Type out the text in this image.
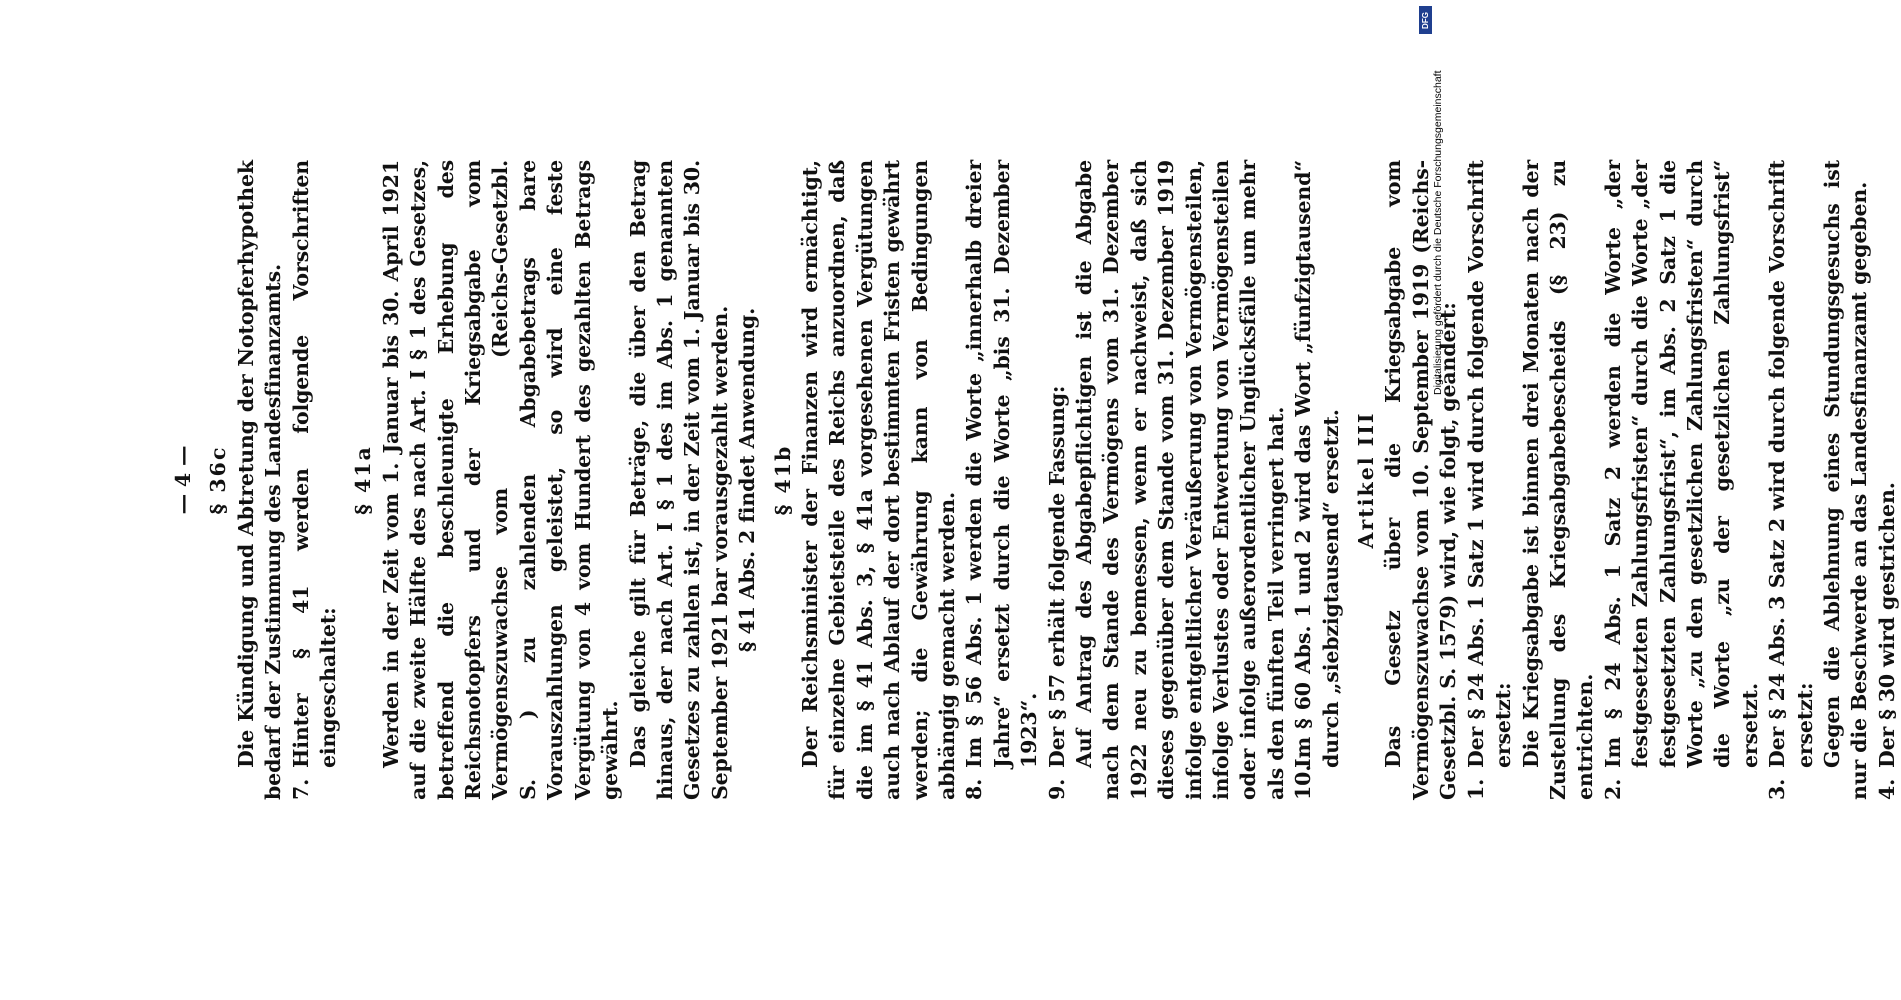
— 4 — § 36c Die Kündigung und Abtretung der Notopferhypothek bedarf der Zustimmung des Landesfinanzamts. 7.Hinter § 41 werden folgende Vorschriften eingeschaltet:

§ 41a Werden in der Zeit vom 1. Januar bis 30. April 1921 auf die zweite Hälfte des nach Art. I § 1 des Gesetzes, betreffend die beschleunigte Erhebung des Reichsnotopfers und der Kriegsabgabe vom Vermögenszuwachse vom(Reichs-Gesetzbl. S.) zu zahlenden Abgabebetrags bare Vorauszahlungen geleistet, so wird eine feste Vergütung von 4 vom Hundert des gezahlten Betrags gewährt. Das gleiche gilt für Beträge, die über den Betrag hinaus, der nach Art. I § 1 des im Abs. 1 genannten Gesetzes zu zahlen ist, in der Zeit vom 1. Januar bis 30. September 1921 bar vorausgezahlt werden. § 41 Abs. 2 findet Anwendung. § 41b Der Reichsminister der Finanzen wird ermächtigt, für einzelne Gebietsteile des Reichs anzuordnen, daß die im § 41 Abs. 3, § 41a vorgesehenen Vergütungen auch nach Ablauf der dort bestimmten Fristen gewährt werden; die Gewährung kann von Bedingungen abhängig gemacht werden. 8.Im § 56 Abs. 1 werden die Worte „innerhalb dreier Jahre“ ersetzt durch die Worte „bis 31. Dezember 1923“.

9.Der § 57 erhält folgende Fassung: Auf Antrag des Abgabepflichtigen ist die Abgabe nach dem Stande des Vermögens vom 31. Dezember 1922 neu zu bemessen, wenn er nachweist, daß sich dieses gegenüber dem Stande vom 31. Dezember 1919 infolge entgeltlicher Veräußerung von Vermögensteilen, infolge Verlustes oder Entwertung von Vermögensteilen oder infolge außerordentlicher Unglücksfälle um mehr als den fünften Teil verringert hat. 10.Im § 60 Abs. 1 und 2 wird das Wort „fünfzigtausend“ durch „siebzigtausend“ ersetzt. Artikel III Das Gesetz über die Kriegsabgabe vom Vermögenszuwachse vom 10. September 1919 (Reichs-Gesetzbl. S. 1579) wird, wie folgt, geändert: 1.Der § 24 Abs. 1 Satz 1 wird durch folgende Vorschrift ersetzt: Die Kriegsabgabe ist binnen drei Monaten nach der Zustellung des Kriegsabgabebescheids (§ 23) zu entrichten. 2.Im § 24 Abs. 1 Satz 2 werden die Worte „der festgesetzten Zahlungsfristen“ durch die Worte „der festgesetzten Zahlungsfrist“, im Abs. 2 Satz 1 die Worte „zu den gesetzlichen Zahlungsfristen“ durch die Worte „zu der gesetzlichen Zahlungsfrist“ ersetzt.

3.Der § 24 Abs. 3 Satz 2 wird durch folgende Vorschrift ersetzt: Gegen die Ablehnung eines Stundungsgesuchs ist nur die Beschwerde an das Landesfinanzamt gegeben. 4.Der § 30 wird gestrichen.

DFG
Digitalisierung gefördert durch die Deutsche Forschungsgemeinschaft
